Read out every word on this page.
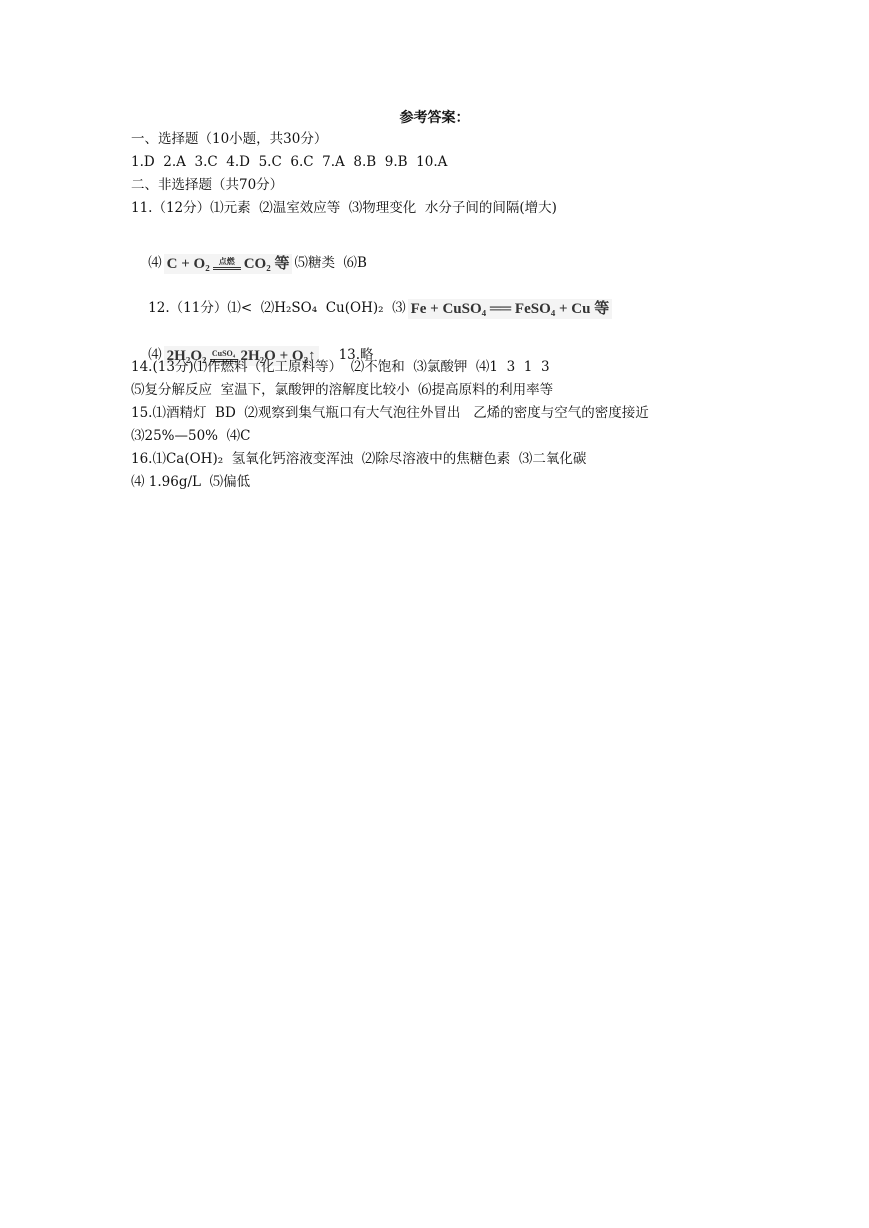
参考答案：
一、选择题（10小题，共30分）
1.D  2.A  3.C  4.D  5.C  6.C  7.A  8.B  9.B  10.A
二、非选择题（共70分）
11.（12分）⑴元素  ⑵温室效应等  ⑶物理变化  水分子间的间隔(增大)

⑷ C + O₂ 点燃 CO₂ 等 ⑸糖类  ⑹B

12.（11分）⑴<  ⑵H₂SO₄  Cu(OH)₂  ⑶ Fe + CuSO₄ ══ FeSO₄ + Cu 等

⑷ 2H₂O₂ CuSO₄ 2H₂O + O₂↑ 13.略

14.(13分)⑴作燃料（化工原料等）  ⑵不饱和  ⑶氯酸钾  ⑷1  3  1  3
⑸复分解反应  室温下，氯酸钾的溶解度比较小  ⑹提高原料的利用率等
15.⑴酒精灯  BD  ⑵观察到集气瓶口有大气泡往外冒出   乙烯的密度与空气的密度接近
⑶25%—50%  ⑷C
16.⑴Ca(OH)₂  氢氧化钙溶液变浑浊  ⑵除尽溶液中的焦糖色素  ⑶二氧化碳
⑷ 1.96g/L  ⑸偏低
